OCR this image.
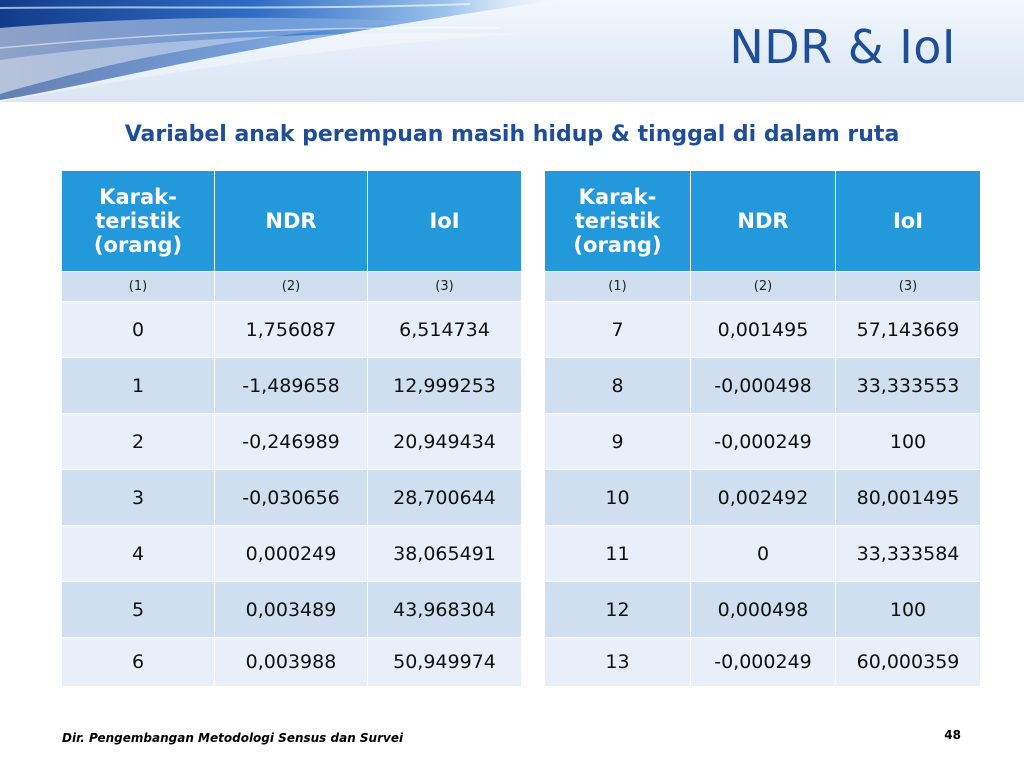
NDR & IoI
Variabel anak perempuan masih hidup & tinggal di dalam ruta
Karak-
teristik
(orang)	NDR	IoI
(1)	(2)	(3)
0	1,756087	6,514734
1	-1,489658	12,999253
2	-0,246989	20,949434
3	-0,030656	28,700644
4	0,000249	38,065491
5	0,003489	43,968304
6	0,003988	50,949974
Karak-
teristik
(orang)	NDR	IoI
(1)	(2)	(3)
7	0,001495	57,143669
8	-0,000498	33,333553
9	-0,000249	100
10	0,002492	80,001495
11	0	33,333584
12	0,000498	100
13	-0,000249	60,000359
Dir. Pengembangan Metodologi Sensus dan Survei	48
